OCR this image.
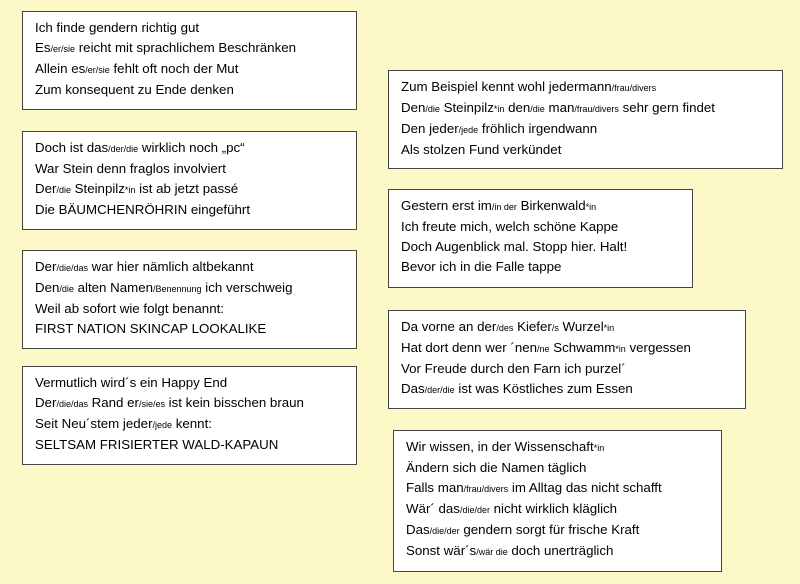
Ich finde gendern richtig gut
Es/er/sie reicht mit sprachlichem Beschränken
Allein es/er/sie fehlt oft noch der Mut
Zum konsequent zu Ende denken
Doch ist das/der/die wirklich noch „pc“
War Stein denn fraglos involviert
Der/die Steinpilz*in ist ab jetzt passé
Die BÄUMCHENRÖHRIN eingeführt
Der/die/das war hier nämlich altbekannt
Den/die alten Namen/Benennung ich verschweig
Weil ab sofort wie folgt benannt:
FIRST NATION SKINCAP LOOKALIKE
Vermutlich wird´s ein Happy End
Der/die/das Rand er/sie/es ist kein bisschen braun
Seit Neu´stem jeder/jede kennt:
SELTSAM FRISIERTER WALD-KAPAUN
Zum Beispiel kennt wohl jedermann/frau/divers
Den/die Steinpilz*in den/die man/frau/divers sehr gern findet
Den jeder/jede fröhlich irgendwann
Als stolzen Fund verkündet
Gestern erst im/in der Birkenwald*in
Ich freute mich, welch schöne Kappe
Doch Augenblick mal. Stopp hier. Halt!
Bevor ich in die Falle tappe
Da vorne an der/des Kiefer/s Wurzel*in
Hat dort denn wer ´nen/ne Schwamm*in vergessen
Vor Freude durch den Farn ich purzel´
Das/der/die ist was Köstliches zum Essen
Wir wissen, in der Wissenschaft*in
Ändern sich die Namen täglich
Falls man/frau/divers im Alltag das nicht schafft
Wär´ das/die/der nicht wirklich kläglich
Das/die/der gendern sorgt für frische Kraft
Sonst wär´s/wär die doch unerträglich
